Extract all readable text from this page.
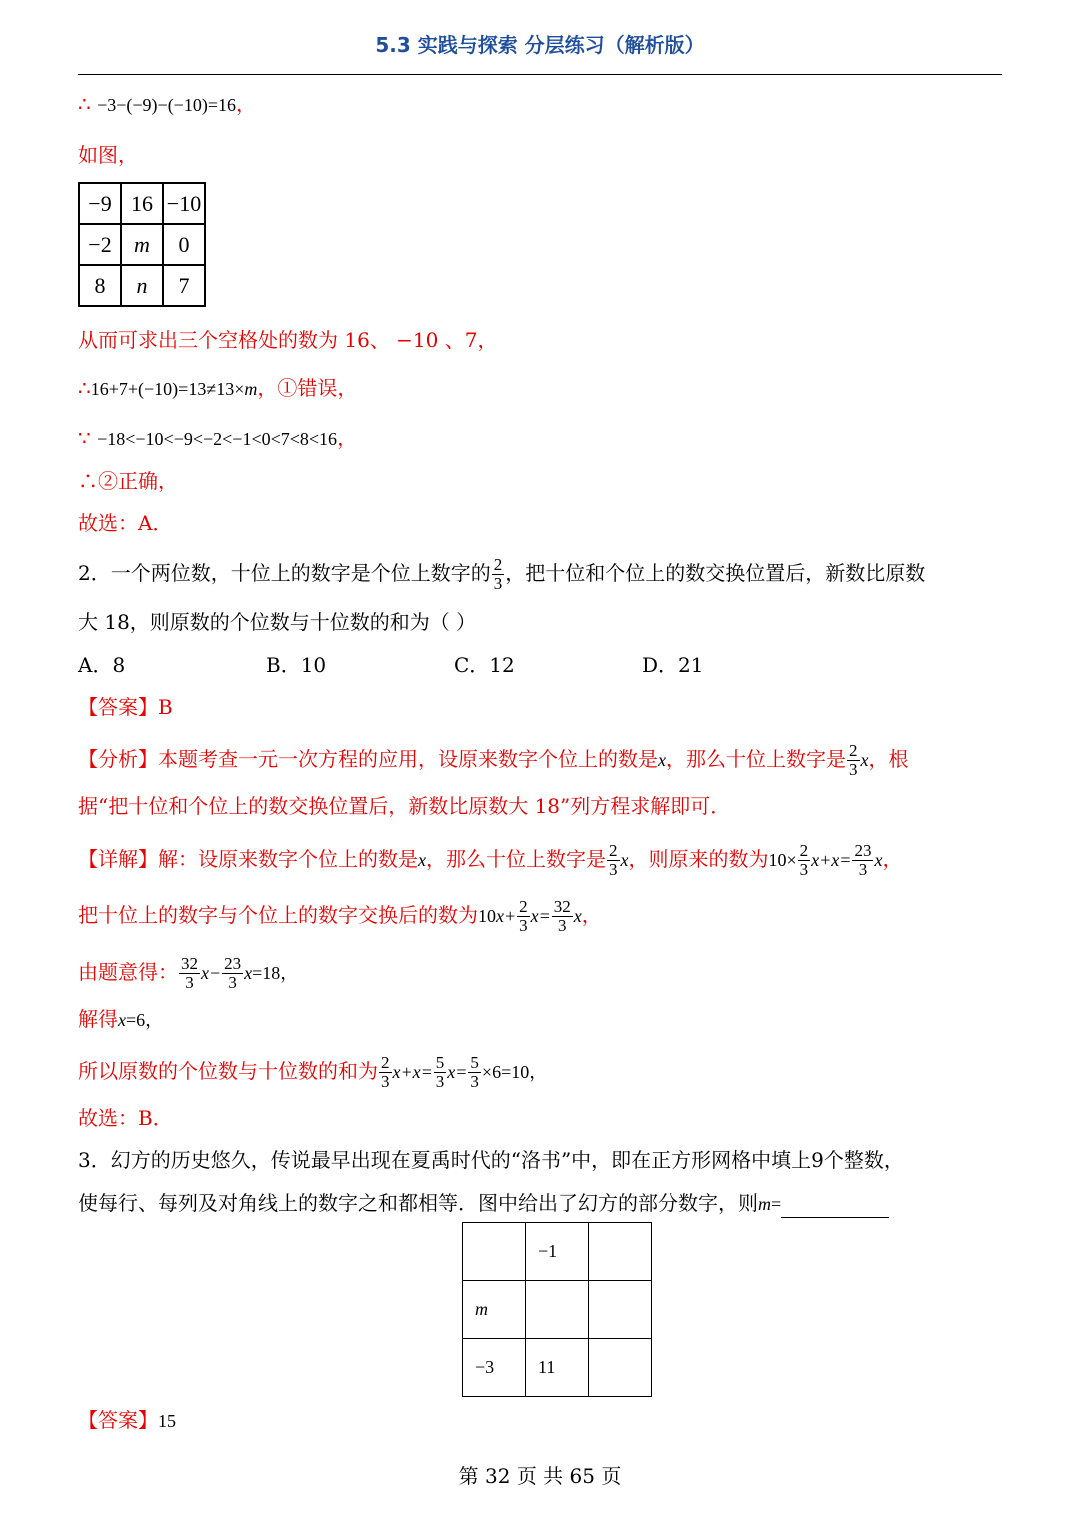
5.3 实践与探索 分层练习（解析版）
∴ −3−(−9)−(−10)=16，
如图，
−9	16	−10
−2	m	0
8	n	7
从而可求出三个空格处的数为 16、 −10 、7，
∴16+7+(−10)=13≠13×m，①错误，
∵ −18<−10<−9<−2<−1<0<7<8<16，
∴②正确，
故选：A．
2．一个两位数，十位上的数字是个位上数字的 $\frac{2}{3}$ ，把十位和个位上的数交换位置后，新数比原数
大 18，则原数的个位数与十位数的和为（ ）
A．8	B．10	C．12	D．21
【答案】B
【分析】本题考查一元一次方程的应用，设原来数字个位上的数是x，那么十位上数字是 $\frac{2}{3}$ x，根
据“把十位和个位上的数交换位置后，新数比原数大 18”列方程求解即可．
【详解】解：设原来数字个位上的数是x，那么十位上数字是 $\frac{2}{3}$ x，则原来的数为$10\times \frac{2}{3} x+x= \frac{23}{3}$ x，
把十位上的数字与个位上的数字交换后的数为$10x+ \frac{2}{3} x= \frac{32}{3}$ x，
由题意得： $\frac{32}{3} x- \frac{23}{3} x=18$，
解得x=6，
所以原数的个位数与十位数的和为 $\frac{2}{3} x+x= \frac{5}{3} x= \frac{5}{3} \times 6=10$，
故选：B．
3．幻方的历史悠久，传说最早出现在夏禹时代的“洛书”中，即在正方形网格中填上9个整数，
使每行、每列及对角线上的数字之和都相等．图中给出了幻方的部分数字，则m=
	−1	
m		
−3	11	
【答案】15
第 32 页 共 65 页
